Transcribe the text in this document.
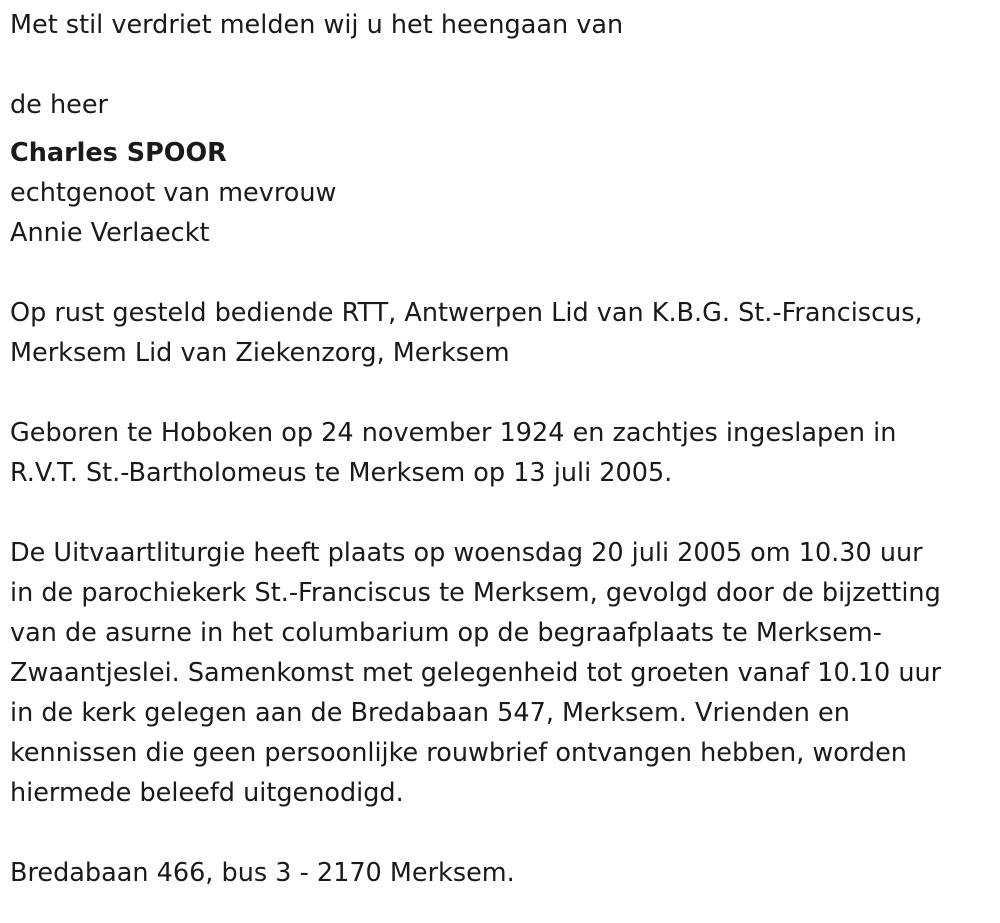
Met stil verdriet melden wij u het heengaan van
de heer
Charles SPOOR
echtgenoot van mevrouw
Annie Verlaeckt
Op rust gesteld bediende RTT, Antwerpen Lid van K.B.G. St.-Franciscus,
Merksem Lid van Ziekenzorg, Merksem
Geboren te Hoboken op 24 november 1924 en zachtjes ingeslapen in
R.V.T. St.-Bartholomeus te Merksem op 13 juli 2005.
De Uitvaartliturgie heeft plaats op woensdag 20 juli 2005 om 10.30 uur
in de parochiekerk St.-Franciscus te Merksem, gevolgd door de bijzetting
van de asurne in het columbarium op de begraafplaats te Merksem-
Zwaantjeslei. Samenkomst met gelegenheid tot groeten vanaf 10.10 uur
in de kerk gelegen aan de Bredabaan 547, Merksem. Vrienden en
kennissen die geen persoonlijke rouwbrief ontvangen hebben, worden
hiermede beleefd uitgenodigd.
Bredabaan 466, bus 3 - 2170 Merksem.
